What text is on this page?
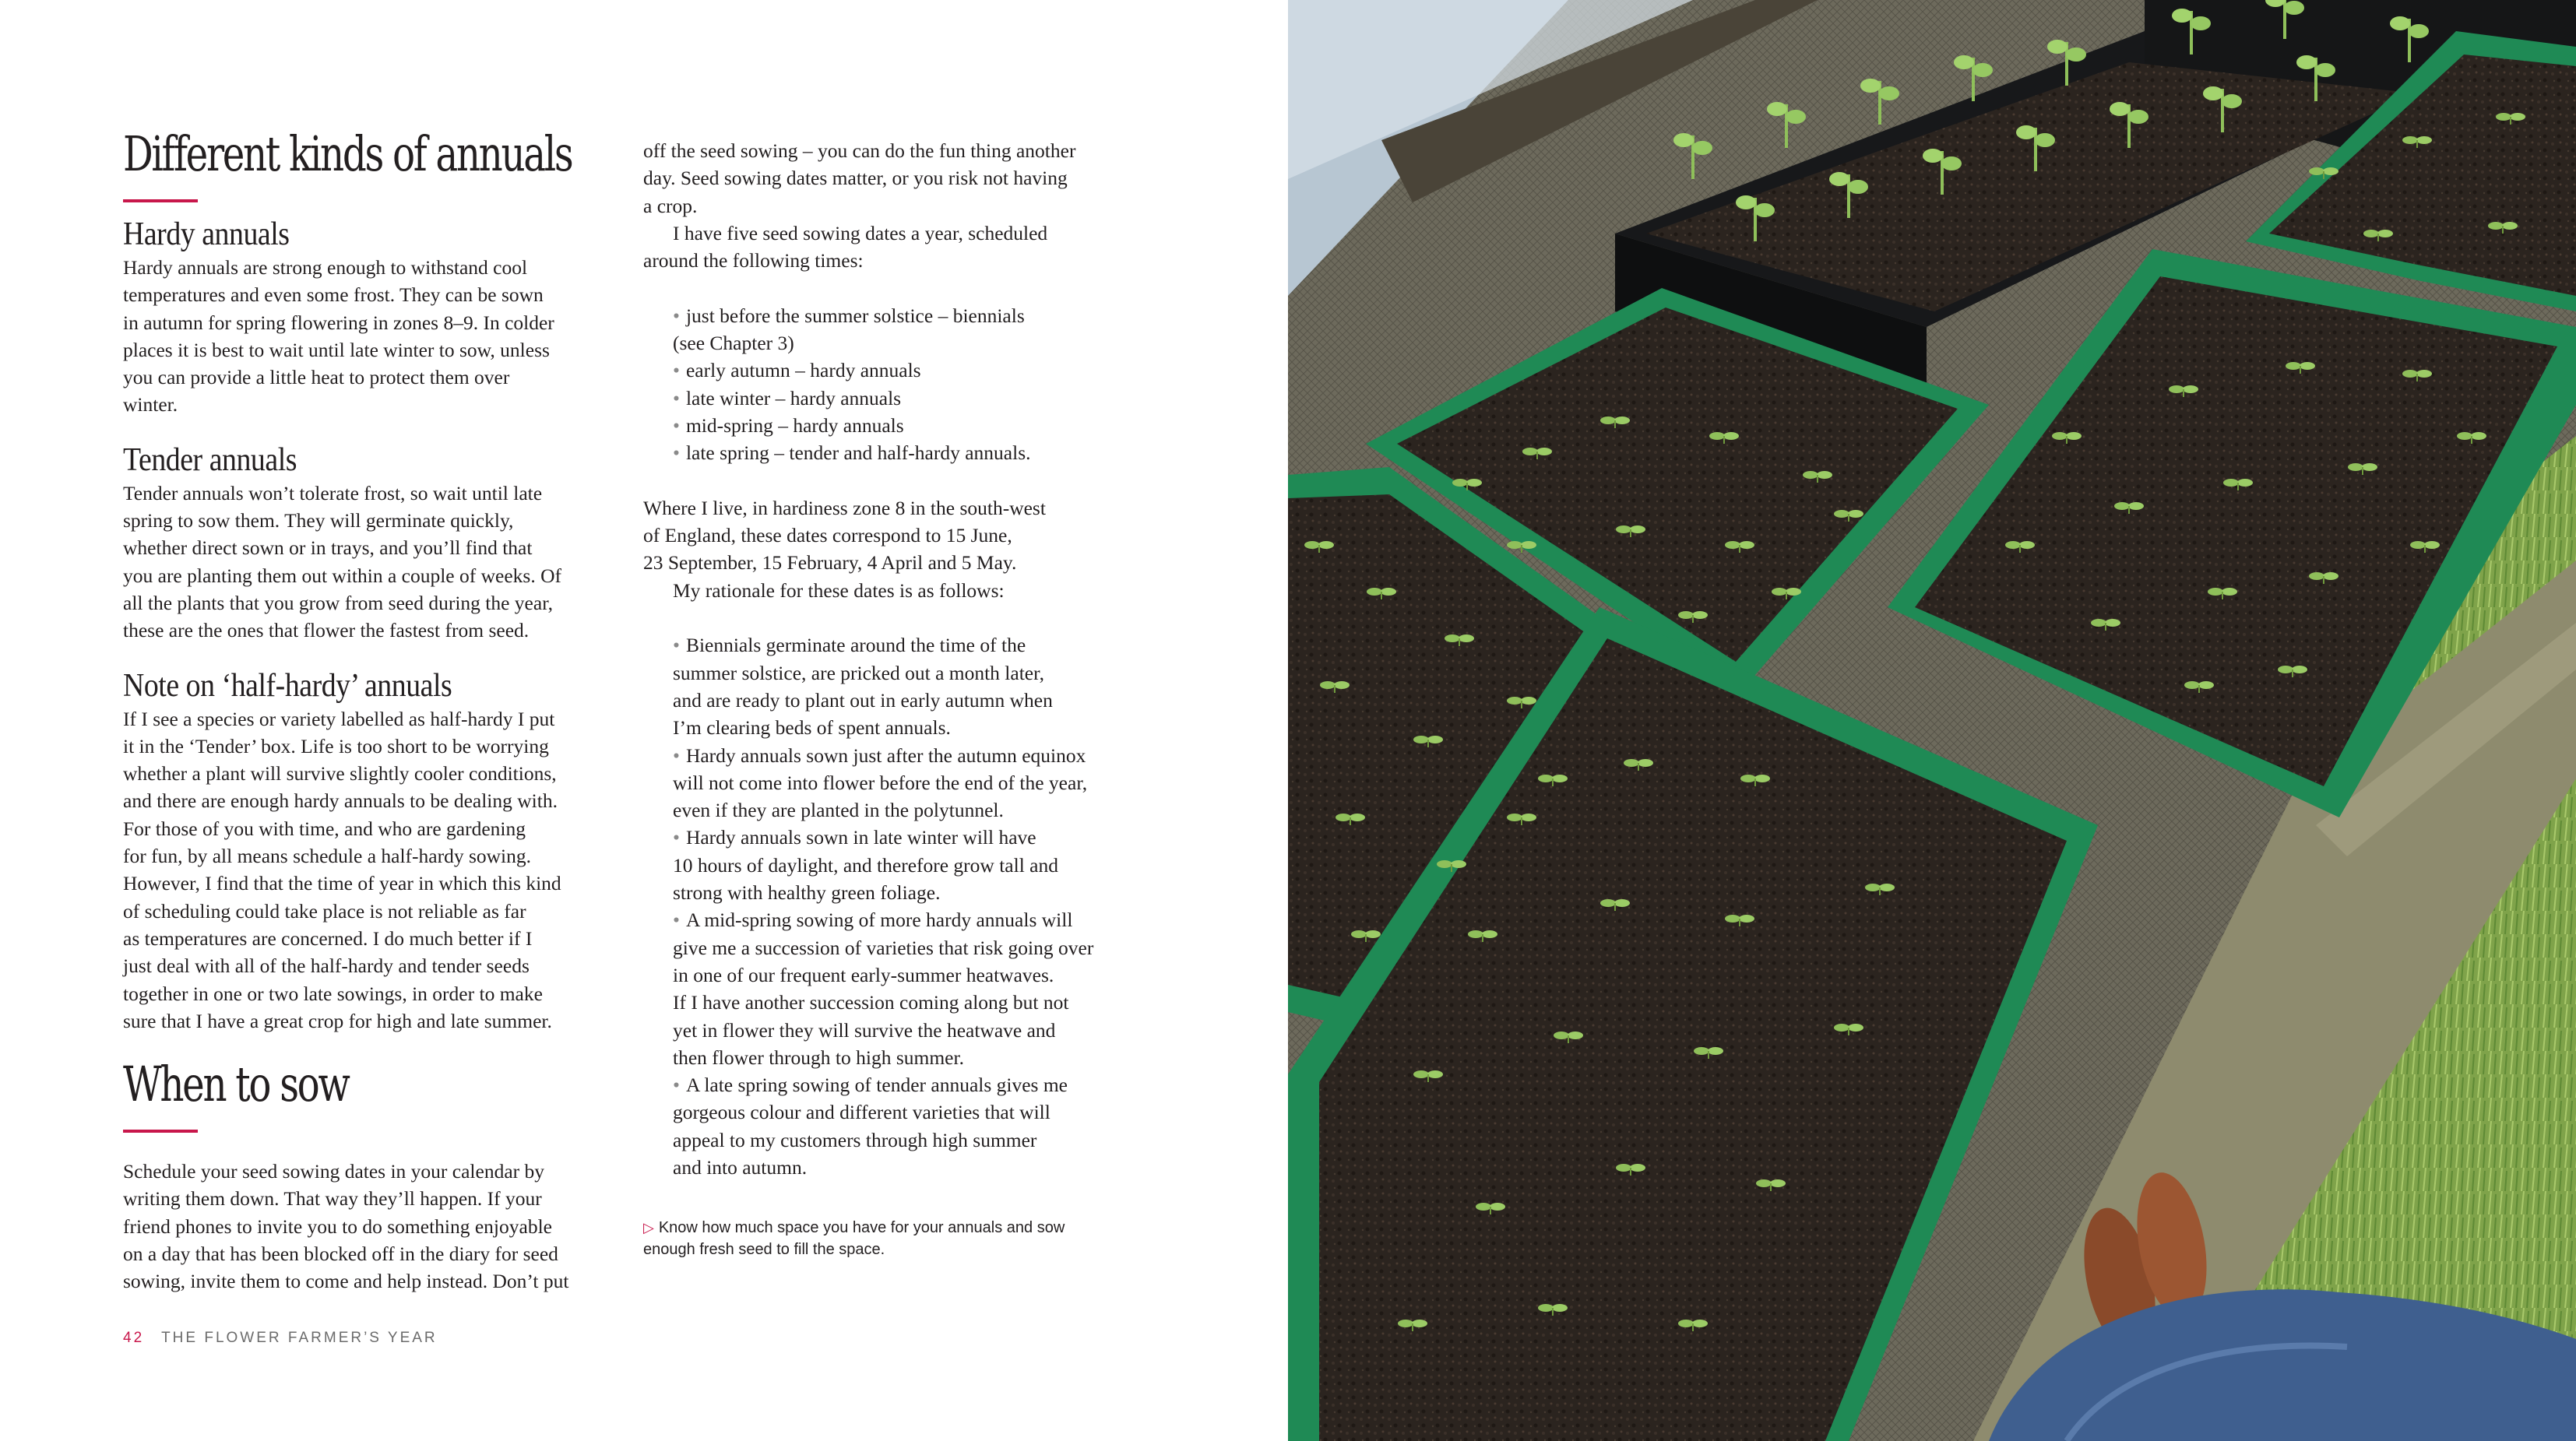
Different kinds of annuals
Hardy annuals
Hardy annuals are strong enough to withstand cool
temperatures and even some frost. They can be sown
in autumn for spring flowering in zones 8–9. In colder
places it is best to wait until late winter to sow, unless
you can provide a little heat to protect them over
winter.
Tender annuals
Tender annuals won’t tolerate frost, so wait until late
spring to sow them. They will germinate quickly,
whether direct sown or in trays, and you’ll find that
you are planting them out within a couple of weeks. Of
all the plants that you grow from seed during the year,
these are the ones that flower the fastest from seed.
Note on ‘half-hardy’ annuals
If I see a species or variety labelled as half-hardy I put
it in the ‘Tender’ box. Life is too short to be worrying
whether a plant will survive slightly cooler conditions,
and there are enough hardy annuals to be dealing with.
For those of you with time, and who are gardening
for fun, by all means schedule a half-hardy sowing.
However, I find that the time of year in which this kind
of scheduling could take place is not reliable as far
as temperatures are concerned. I do much better if I
just deal with all of the half-hardy and tender seeds
together in one or two late sowings, in order to make
sure that I have a great crop for high and late summer.
When to sow
Schedule your seed sowing dates in your calendar by
writing them down. That way they’ll happen. If your
friend phones to invite you to do something enjoyable
on a day that has been blocked off in the diary for seed
sowing, invite them to come and help instead. Don’t put
off the seed sowing – you can do the fun thing another
day. Seed sowing dates matter, or you risk not having
a crop.
I have five seed sowing dates a year, scheduled
around the following times:
• just before the summer solstice – biennials
(see Chapter 3)
• early autumn – hardy annuals
• late winter – hardy annuals
• mid-spring – hardy annuals
• late spring – tender and half-hardy annuals.
Where I live, in hardiness zone 8 in the south-west
of England, these dates correspond to 15 June,
23 September, 15 February, 4 April and 5 May.
My rationale for these dates is as follows:
• Biennials germinate around the time of the
summer solstice, are pricked out a month later,
and are ready to plant out in early autumn when
I’m clearing beds of spent annuals.
• Hardy annuals sown just after the autumn equinox
will not come into flower before the end of the year,
even if they are planted in the polytunnel.
• Hardy annuals sown in late winter will have
10 hours of daylight, and therefore grow tall and
strong with healthy green foliage.
• A mid-spring sowing of more hardy annuals will
give me a succession of varieties that risk going over
in one of our frequent early-summer heatwaves.
If I have another succession coming along but not
yet in flower they will survive the heatwave and
then flower through to high summer.
• A late spring sowing of tender annuals gives me
gorgeous colour and different varieties that will
appeal to my customers through high summer
and into autumn.
▷ Know how much space you have for your annuals and sow
enough fresh seed to fill the space.
42 THE FLOWER FARMER’S YEAR
